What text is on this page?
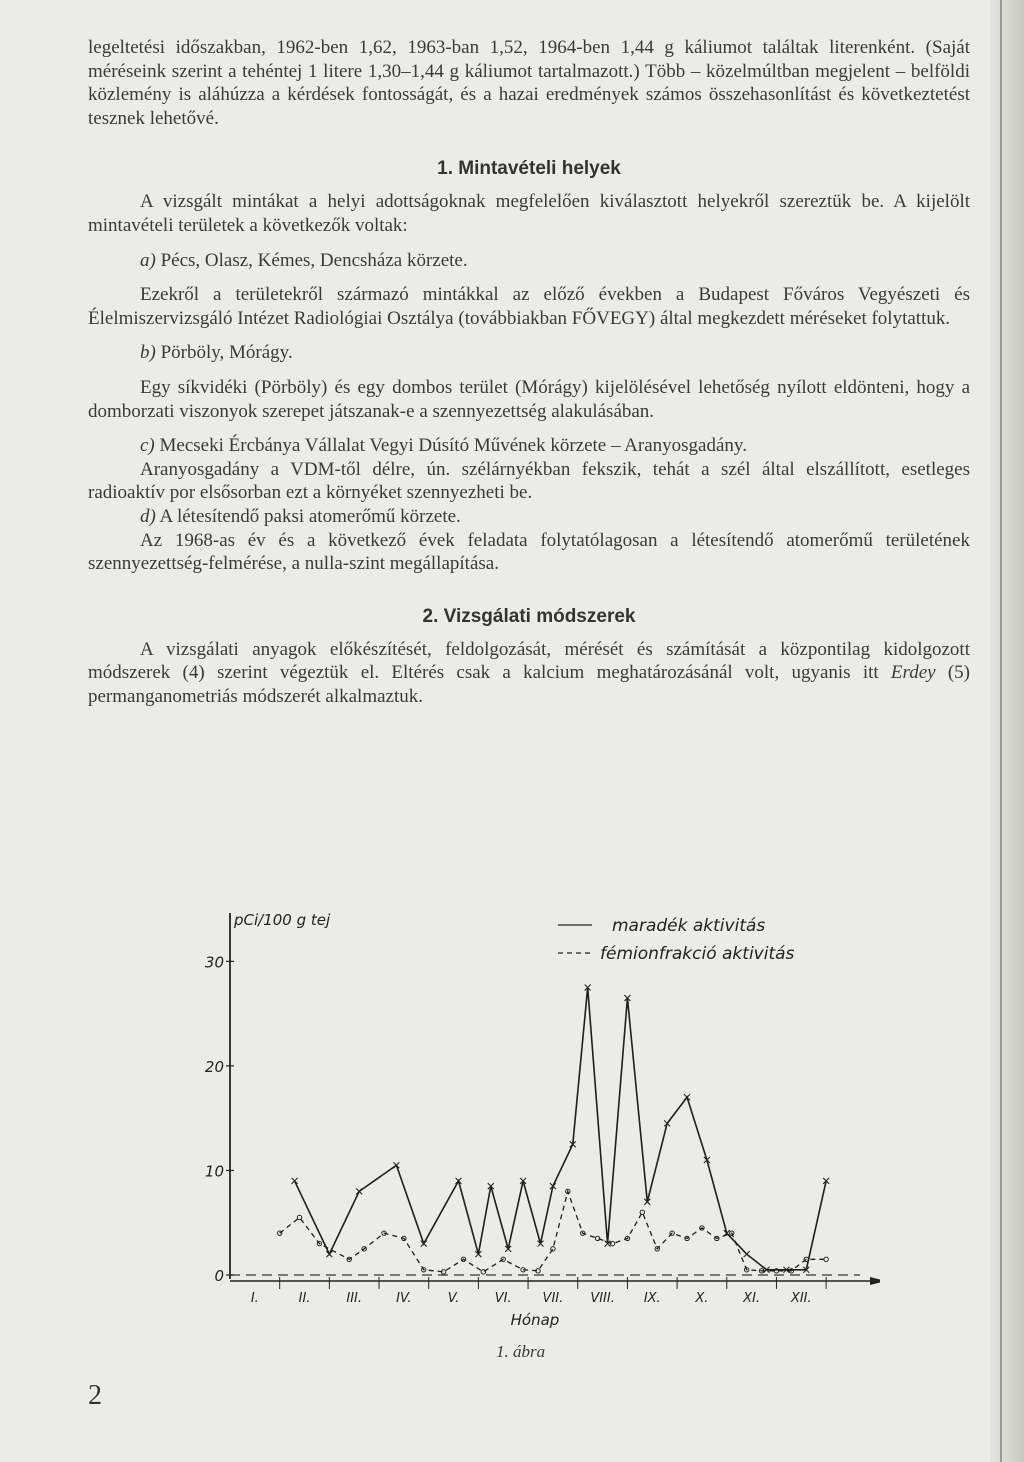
legeltetési időszakban, 1962-ben 1,62, 1963-ban 1,52, 1964-ben 1,44 g káliumot találtak literenként. (Saját méréseink szerint a tehéntej 1 litere 1,30–1,44 g káliumot tartalmazott.) Több – közelmúltban megjelent – belföldi közlemény is aláhúzza a kérdések fontosságát, és a hazai eredmények számos összehasonlítást és következtetést tesznek lehetővé.

1. Mintavételi helyek

A vizsgált mintákat a helyi adottságoknak megfelelően kiválasztott helyekről szereztük be. A kijelölt mintavételi területek a következők voltak:

a) Pécs, Olasz, Kémes, Dencsháza körzete.

Ezekről a területekről származó mintákkal az előző években a Budapest Főváros Vegyészeti és Élelmiszervizsgáló Intézet Radiológiai Osztálya (továbbiakban FŐVEGY) által megkezdett méréseket folytattuk.

b) Pörböly, Mórágy.

Egy síkvidéki (Pörböly) és egy dombos terület (Mórágy) kijelölésével lehetőség nyílott eldönteni, hogy a domborzati viszonyok szerepet játszanak-e a szennyezettség alakulásában.

c) Mecseki Ércbánya Vállalat Vegyi Dúsító Művének körzete – Aranyosgadány.

Aranyosgadány a VDM-től délre, ún. szélárnyékban fekszik, tehát a szél által elszállított, esetleges radioaktív por elsősorban ezt a környéket szennyezheti be.

d) A létesítendő paksi atomerőmű körzete.

Az 1968-as év és a következő évek feladata folytatólagosan a létesítendő atomerőmű területének szennyezettség-felmérése, a nulla-szint megállapítása.

2. Vizsgálati módszerek

A vizsgálati anyagok előkészítését, feldolgozását, mérését és számítását a központilag kidolgozott módszerek (4) szerint végeztük el. Eltérés csak a kalcium meghatározásánál volt, ugyanis itt Erdey (5) permanganometriás módszerét alkalmaztuk.

0
10
20
30
I.	II.	III.	IV.	V.	VI. VII. VIII. IX.	X.	XI. XII.
pCi/100 g tej
Hónap
maradék aktivitás
fémionfrakció aktivitás
1. ábra
2
